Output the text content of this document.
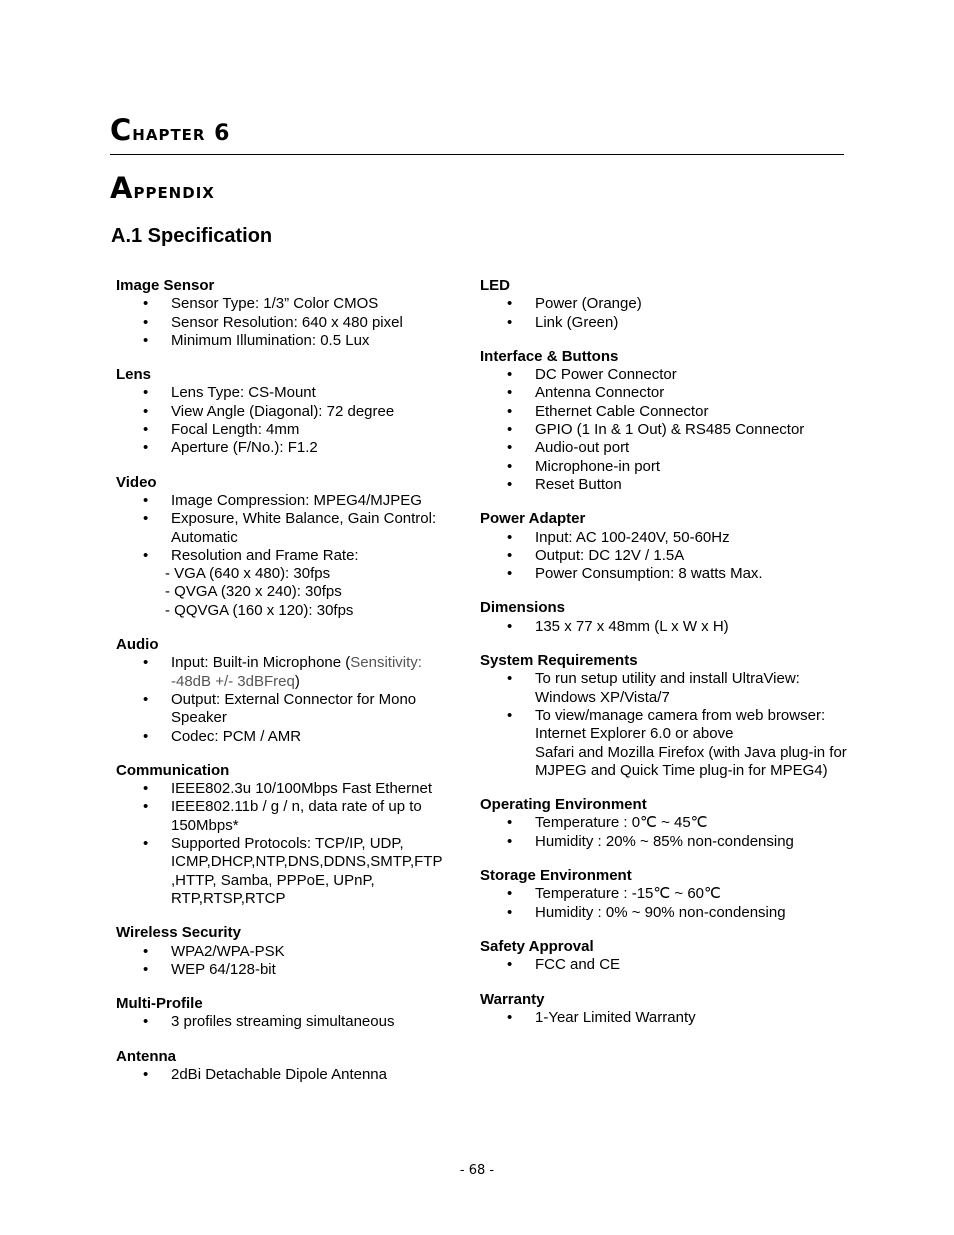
Chapter 6
Appendix
A.1 Specification
Image Sensor
• Sensor Type: 1/3” Color CMOS
• Sensor Resolution: 640 x 480 pixel
• Minimum Illumination: 0.5 Lux
Lens
• Lens Type: CS-Mount
• View Angle (Diagonal): 72 degree
• Focal Length: 4mm
• Aperture (F/No.): F1.2
Video
• Image Compression: MPEG4/MJPEG
• Exposure, White Balance, Gain Control: Automatic
• Resolution and Frame Rate:
- VGA (640 x 480): 30fps
- QVGA (320 x 240): 30fps
- QQVGA (160 x 120): 30fps
Audio
• Input: Built-in Microphone (Sensitivity: -48dB +/- 3dBFreq)
• Output: External Connector for Mono Speaker
• Codec: PCM / AMR
Communication
• IEEE802.3u 10/100Mbps Fast Ethernet
• IEEE802.11b / g / n, data rate of up to 150Mbps*
• Supported Protocols: TCP/IP, UDP, ICMP,DHCP,NTP,DNS,DDNS,SMTP,FTP ,HTTP, Samba, PPPoE, UPnP, RTP,RTSP,RTCP
Wireless Security
• WPA2/WPA-PSK
• WEP 64/128-bit
Multi-Profile
• 3 profiles streaming simultaneous
Antenna
• 2dBi Detachable Dipole Antenna
LED
• Power (Orange)
• Link (Green)
Interface & Buttons
• DC Power Connector
• Antenna Connector
• Ethernet Cable Connector
• GPIO (1 In & 1 Out) & RS485 Connector
• Audio-out port
• Microphone-in port
• Reset Button
Power Adapter
• Input: AC 100-240V, 50-60Hz
• Output: DC 12V / 1.5A
• Power Consumption: 8 watts Max.
Dimensions
• 135 x 77 x 48mm (L x W x H)
System Requirements
• To run setup utility and install UltraView: Windows XP/Vista/7
• To view/manage camera from web browser: Internet Explorer 6.0 or above
Safari and Mozilla Firefox (with Java plug-in for MJPEG and Quick Time plug-in for MPEG4)
Operating Environment
• Temperature : 0℃ ~ 45℃
• Humidity : 20% ~ 85% non-condensing
Storage Environment
• Temperature : -15℃ ~ 60℃
• Humidity : 0% ~ 90% non-condensing
Safety Approval
• FCC and CE
Warranty
• 1-Year Limited Warranty
- 68 -
